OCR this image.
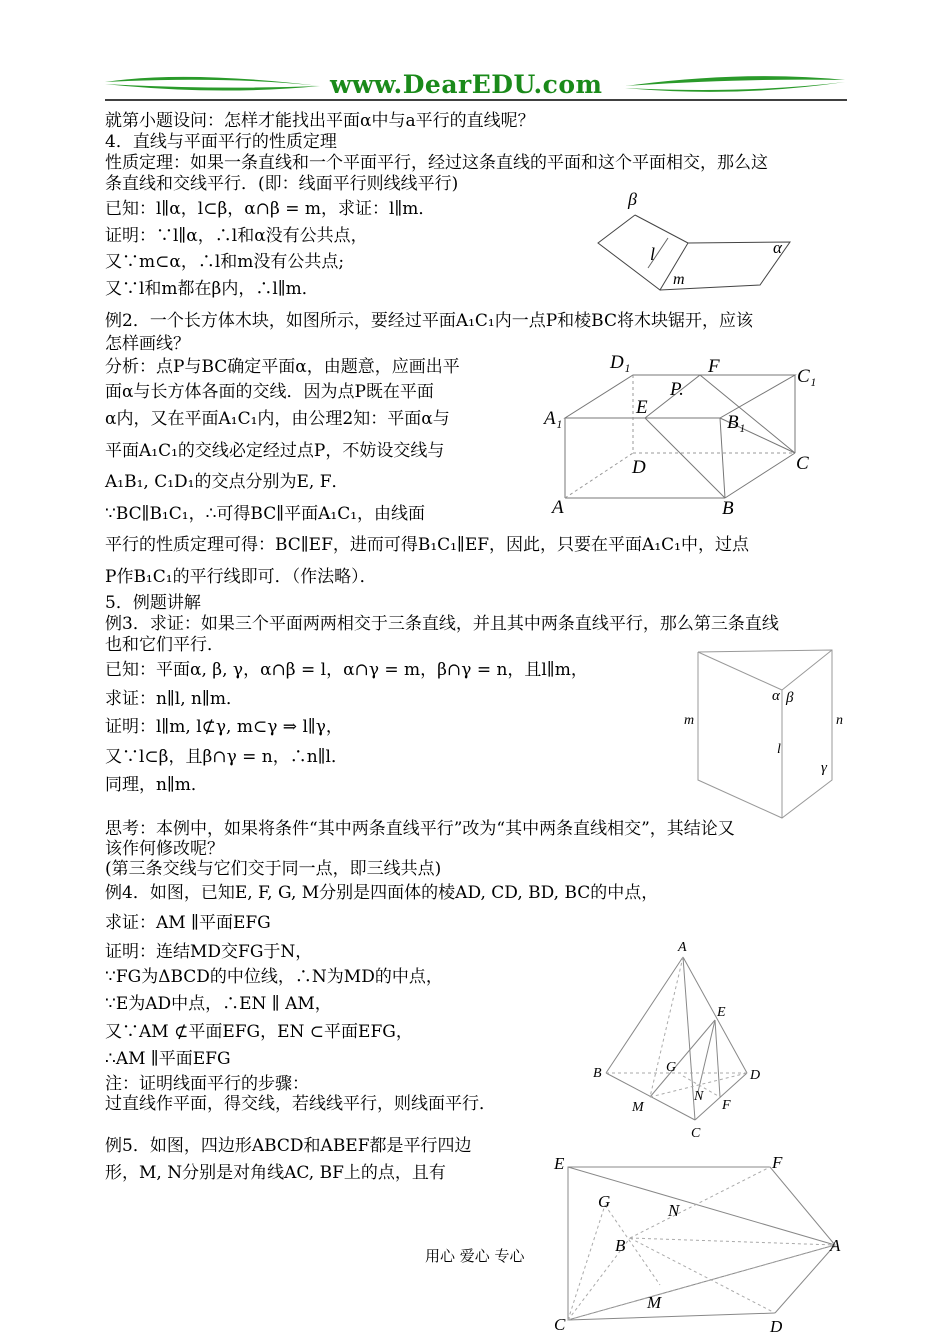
www.DearEDU.com
就第小题设问：怎样才能找出平面α中与a平行的直线呢？
4．直线与平面平行的性质定理
性质定理：如果一条直线和一个平面平行，经过这条直线的平面和这个平面相交，那么这
条直线和交线平行．(即：线面平行则线线平行)
已知：l∥α，l⊂β，α∩β = m，求证：l∥m．
证明：∵l∥α，∴l和α没有公共点，
又∵m⊂α，∴l和m没有公共点;
又∵l和m都在β内，∴l∥m．
例2．一个长方体木块，如图所示，要经过平面A₁C₁内一点P和棱BC将木块锯开，应该
怎样画线？
分析：点P与BC确定平面α，由题意，应画出平
面α与长方体各面的交线．因为点P既在平面
α内，又在平面A₁C₁内，由公理2知：平面α与
平面A₁C₁的交线必定经过点P，不妨设交线与
A₁B₁, C₁D₁的交点分别为E, F．
∵BC∥B₁C₁，∴可得BC∥平面A₁C₁，由线面
平行的性质定理可得：BC∥EF，进而可得B₁C₁∥EF，因此，只要在平面A₁C₁中，过点
P作B₁C₁的平行线即可．（作法略）．
5．例题讲解
例3．求证：如果三个平面两两相交于三条直线，并且其中两条直线平行，那么第三条直线
也和它们平行．
已知：平面α, β, γ，α∩β = l，α∩γ = m，β∩γ = n，且l∥m，
求证：n∥l, n∥m．
证明：l∥m, l⊄γ, m⊂γ ⇒ l∥γ，
又∵l⊂β，且β∩γ = n，∴n∥l．
同理，n∥m．
思考：本例中，如果将条件“其中两条直线平行”改为“其中两条直线相交”，其结论又
该作何修改呢？
(第三条交线与它们交于同一点，即三线共点)
例4．如图，已知E, F, G, M分别是四面体的棱AD, CD, BD, BC的中点，
求证：AM ∥平面EFG
证明：连结MD交FG于N，
∵FG为ΔBCD的中位线，∴N为MD的中点，
∵E为AD中点，∴EN ∥ AM，
又∵AM ⊄平面EFG，EN ⊂平面EFG，
∴AM ∥平面EFG
注：证明线面平行的步骤：
过直线作平面，得交线，若线线平行，则线面平行．
例5．如图，四边形ABCD和ABEF都是平行四边
形，M, N分别是对角线AC, BF上的点，且有
用心 爱心 专心
β
α
l
m
D₁	F	C₁
P.
A₁
E
B₁
D	C
A	B
α β
m	n
l
γ
A
E
B	G
D
N
F
M
C
E	F
G	N
B	A
M
C	D
